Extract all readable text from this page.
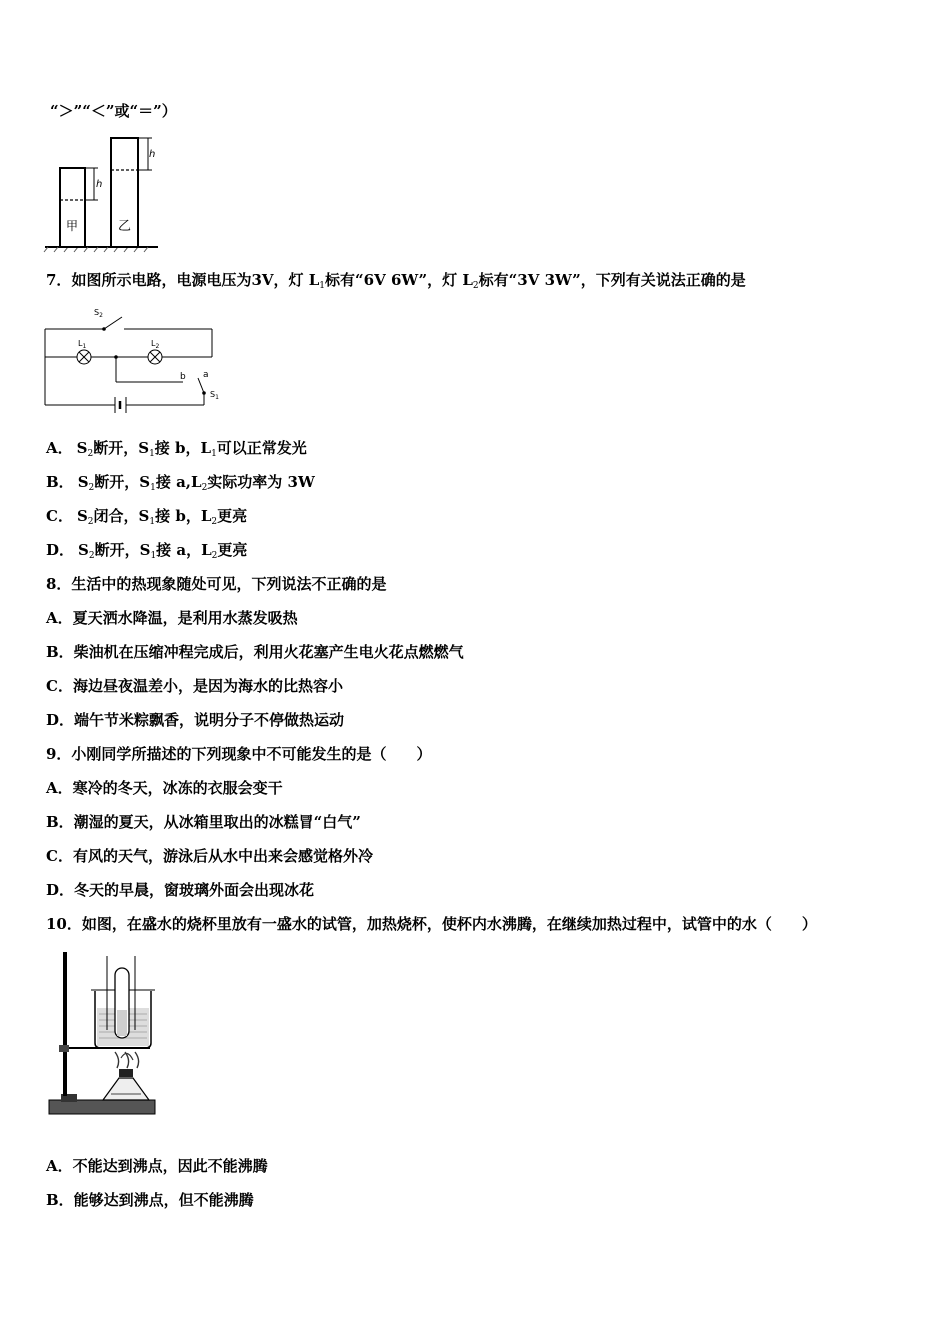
“＞”“＜”或“＝”）
h
h
甲	乙
7．如图所示电路，电源电压为3V，灯 $L_1$标有“6V 6W”，灯 $L_2$标有“3V 3W”，下列有关说法正确的是
$S_2$
$L_1$	$L_2$
b a
$S_1$
A． $S_2$断开，$S_1$接 b，$L_1$可以正常发光
B． $S_2$断开，$S_1$接 $a,L_2$实际功率为 3W
C． $S_2$闭合，$S_1$接 b，$L_2$更亮
D． $S_2$断开，$S_1$接 a，$L_2$更亮
8．生活中的热现象随处可见，下列说法不正确的是
A．夏天洒水降温，是利用水蒸发吸热
B．柴油机在压缩冲程完成后，利用火花塞产生电火花点燃燃气
C．海边昼夜温差小，是因为海水的比热容小
D．端午节米粽飘香，说明分子不停做热运动
9．小刚同学所描述的下列现象中不可能发生的是（　　）
A．寒冷的冬天，冰冻的衣服会变干
B．潮湿的夏天，从冰箱里取出的冰糕冒“白气”
C．有风的天气，游泳后从水中出来会感觉格外冷
D．冬天的早晨，窗玻璃外面会出现冰花
10．如图，在盛水的烧杯里放有一盛水的试管，加热烧杯，使杯内水沸腾，在继续加热过程中，试管中的水（　　）
A．不能达到沸点，因此不能沸腾
B．能够达到沸点，但不能沸腾
